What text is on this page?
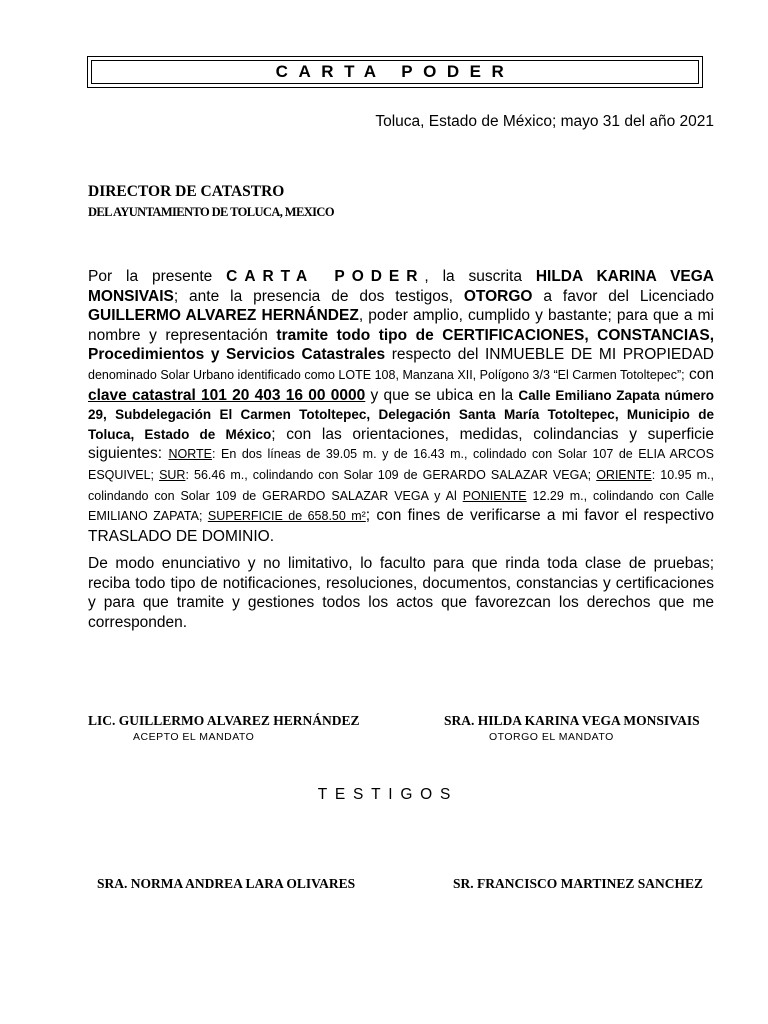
CARTA PODER
Toluca, Estado de México; mayo 31 del año 2021
DIRECTOR DE CATASTRO
DEL AYUNTAMIENTO DE TOLUCA, MEXICO
Por la presente CARTA PODER, la suscrita HILDA KARINA VEGA MONSIVAIS; ante la presencia de dos testigos, OTORGO a favor del Licenciado GUILLERMO ALVAREZ HERNÁNDEZ, poder amplio, cumplido y bastante; para que a mi nombre y representación tramite todo tipo de CERTIFICACIONES, CONSTANCIAS, Procedimientos y Servicios Catastrales respecto del INMUEBLE DE MI PROPIEDAD denominado Solar Urbano identificado como LOTE 108, Manzana XII, Polígono 3/3 “El Carmen Totoltepec”; con clave catastral 101 20 403 16 00 0000 y que se ubica en la Calle Emiliano Zapata número 29, Subdelegación El Carmen Totoltepec, Delegación Santa María Totoltepec, Municipio de Toluca, Estado de México; con las orientaciones, medidas, colindancias y superficie siguientes: NORTE: En dos líneas de 39.05 m. y de 16.43 m., colindado con Solar 107 de ELIA ARCOS ESQUIVEL; SUR: 56.46 m., colindando con Solar 109 de GERARDO SALAZAR VEGA; ORIENTE: 10.95 m., colindando con Solar 109 de GERARDO SALAZAR VEGA y Al PONIENTE 12.29 m., colindando con Calle EMILIANO ZAPATA; SUPERFICIE de 658.50 m²; con fines de verificarse a mi favor el respectivo TRASLADO DE DOMINIO.
De modo enunciativo y no limitativo, lo faculto para que rinda toda clase de pruebas; reciba todo tipo de notificaciones, resoluciones, documentos, constancias y certificaciones y para que tramite y gestiones todos los actos que favorezcan los derechos que me corresponden.
LIC. GUILLERMO ALVAREZ HERNÁNDEZ
ACEPTO EL MANDATO
SRA. HILDA KARINA VEGA MONSIVAIS
OTORGO EL MANDATO
TESTIGOS
SRA. NORMA ANDREA LARA OLIVARES	SR. FRANCISCO MARTINEZ SANCHEZ
